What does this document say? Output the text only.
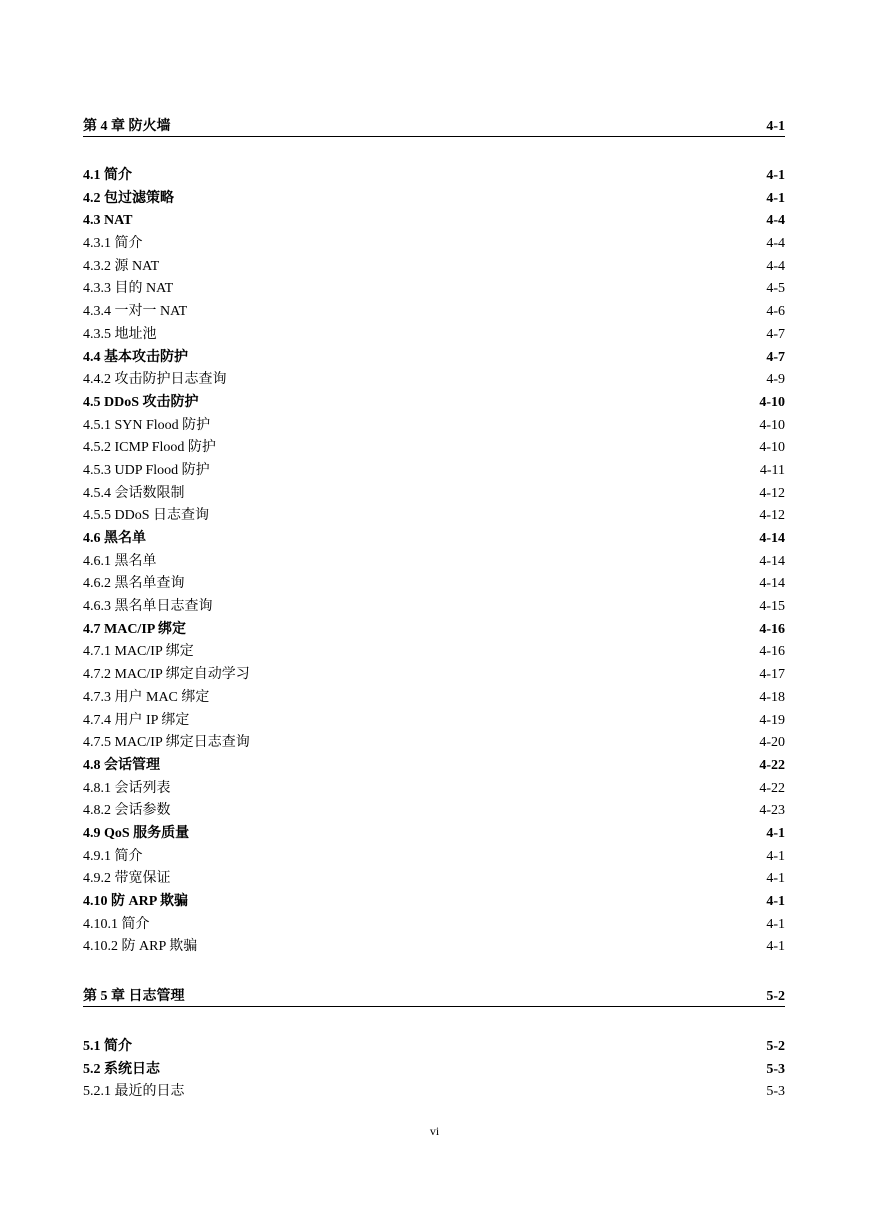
第 4 章 防火墙	4-1
4.1 简介	4-1
4.2 包过滤策略	4-1
4.3 NAT	4-4
4.3.1 简介	4-4
4.3.2 源 NAT	4-4
4.3.3 目的 NAT	4-5
4.3.4 一对一 NAT	4-6
4.3.5 地址池	4-7
4.4 基本攻击防护	4-7
4.4.2 攻击防护日志查询	4-9
4.5 DDoS 攻击防护	4-10
4.5.1 SYN Flood 防护	4-10
4.5.2 ICMP Flood 防护	4-10
4.5.3 UDP Flood 防护	4-11
4.5.4 会话数限制	4-12
4.5.5 DDoS 日志查询	4-12
4.6 黑名单	4-14
4.6.1 黑名单	4-14
4.6.2 黑名单查询	4-14
4.6.3 黑名单日志查询	4-15
4.7 MAC/IP 绑定	4-16
4.7.1 MAC/IP 绑定	4-16
4.7.2 MAC/IP 绑定自动学习	4-17
4.7.3 用户 MAC 绑定	4-18
4.7.4 用户 IP 绑定	4-19
4.7.5 MAC/IP 绑定日志查询	4-20
4.8 会话管理	4-22
4.8.1 会话列表	4-22
4.8.2 会话参数	4-23
4.9 QoS 服务质量	4-1
4.9.1 简介	4-1
4.9.2 带宽保证	4-1
4.10 防 ARP 欺骗	4-1
4.10.1 简介	4-1
4.10.2 防 ARP 欺骗	4-1
第 5 章 日志管理	5-2
5.1 简介	5-2
5.2 系统日志	5-3
5.2.1 最近的日志	5-3
vi
